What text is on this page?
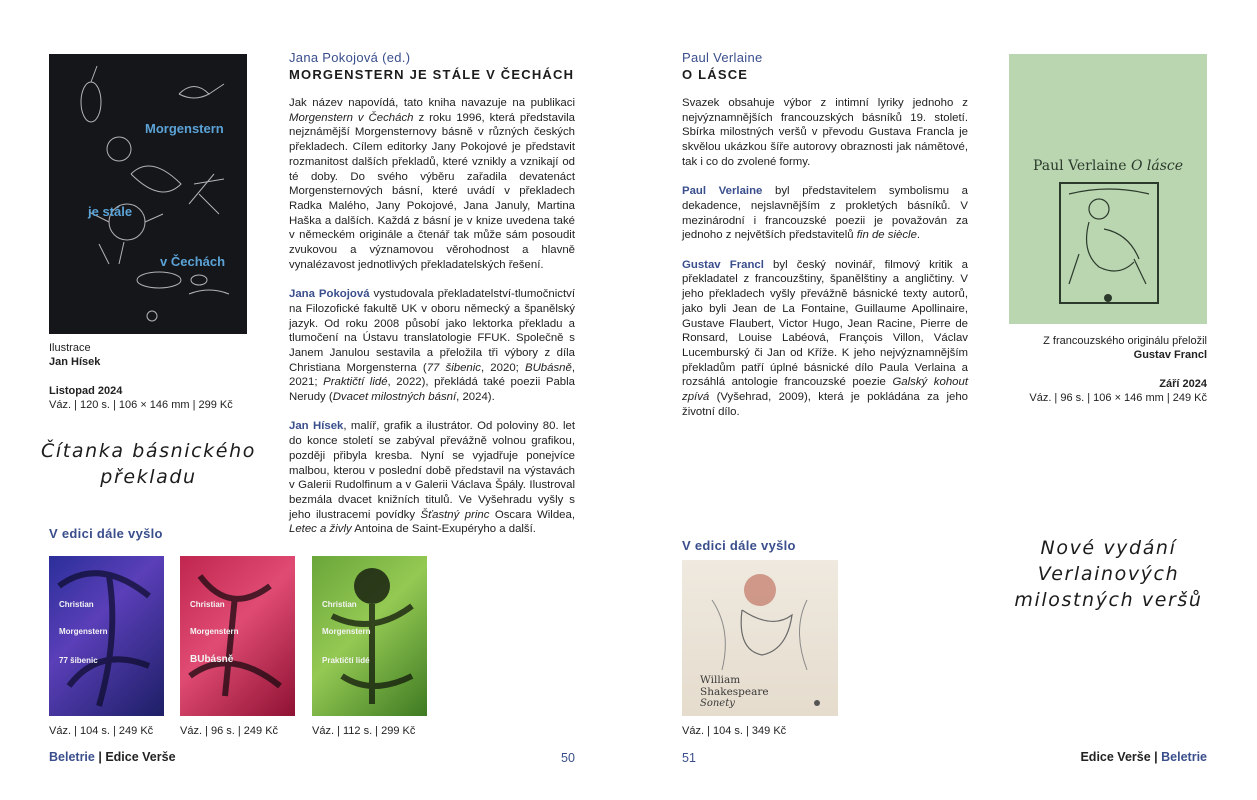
Morgenstern
je stále
v Čechách
Ilustrace
Jan Hísek
Listopad 2024
Váz. | 120 s. | 106 × 146 mm | 299 Kč
Čítanka básnického
překladu
V edici dále vyšlo
Christian
Morgenstern
77 šibenic
Váz. | 104 s. | 249 Kč
Christian
Morgenstern
BUbásně
Váz. | 96 s. | 249 Kč
Christian
Morgenstern
Praktičtí lidé
Váz. | 112 s. | 299 Kč
Jana Pokojová (ed.)
MORGENSTERN JE STÁLE V ČECHÁCH

Jak název napovídá, tato kniha navazuje na publikaci Morgenstern v Čechách z roku 1996, která představila nejznámější Morgensternovy básně v různých českých překladech. Cílem editorky Jany Pokojové je představit rozmanitost dalších překladů, které vznikly a vznikají od té doby. Do svého výběru zařadila devatenáct Morgensternových básní, které uvádí v překladech Radka Malého, Jany Pokojové, Jana Januly, Martina Haška a dalších. Každá z básní je v knize uvedena také v německém originále a čtenář tak může sám posoudit zvukovou a významovou věrohodnost a hlavně vynalézavost jednotlivých překladatelských řešení.

Jana Pokojová vystudovala překladatelství-tlumočnictví na Filozofické fakultě UK v oboru německý a španělský jazyk. Od roku 2008 působí jako lektorka překladu a tlumočení na Ústavu translatologie FFUK. Společně s Janem Janulou sestavila a přeložila tři výbory z díla Christiana Morgensterna (77 šibenic, 2020; BUbásně, 2021; Praktičtí lidé, 2022), překládá také poezii Pabla Nerudy (Dvacet milostných básní, 2024).

Jan Hísek, malíř, grafik a ilustrátor. Od poloviny 80. let do konce století se zabýval převážně volnou grafikou, později přibyla kresba. Nyní se vyjadřuje ponejvíce malbou, kterou v poslední době představil na výstavách v Galerii Rudolfinum a v Galerii Václava Špály. Ilustroval bezmála dvacet knižních titulů. Ve Vyšehradu vyšly s jeho ilustracemi povídky Šťastný princ Oscara Wildea, Letec a živly Antoina de Saint-Exupéryho a další.

Beletrie | Edice Verše	50
Paul Verlaine
O LÁSCE

Svazek obsahuje výbor z intimní lyriky jednoho z nejvýznamnějších francouzských básníků 19. století. Sbírka milostných veršů v převodu Gustava Francla je skvělou ukázkou šíře autorovy obraznosti jak námětové, tak i co do zvolené formy.

Paul Verlaine byl představitelem symbolismu a dekadence, nejslavnějším z prokletých básníků. V mezinárodní i francouzské poezii je považován za jednoho z největších představitelů fin de siècle.

Gustav Francl byl český novinář, filmový kritik a překladatel z francouzštiny, španělštiny a angličtiny. V jeho překladech vyšly převážně básnické texty autorů, jako byli Jean de La Fontaine, Guillaume Apollinaire, Gustave Flaubert, Victor Hugo, Jean Racine, Pierre de Ronsard, Louise Labéová, François Villon, Václav Lucemburský či Jan od Kříže. K jeho nejvýznamnějším překladům patří úplné básnické dílo Paula Verlaina a rozsáhlá antologie francouzské poezie Galský kohout zpívá (Vyšehrad, 2009), která je pokládána za jeho životní dílo.

Paul Verlaine O lásce
Z francouzského originálu přeložil
Gustav Francl
Září 2024
Váz. | 96 s. | 106 × 146 mm | 249 Kč
V edici dále vyšlo
William
Shakespeare
Sonety
Váz. | 104 s. | 349 Kč
Nové vydání
Verlainových
milostných veršů
51	Edice Verše | Beletrie
